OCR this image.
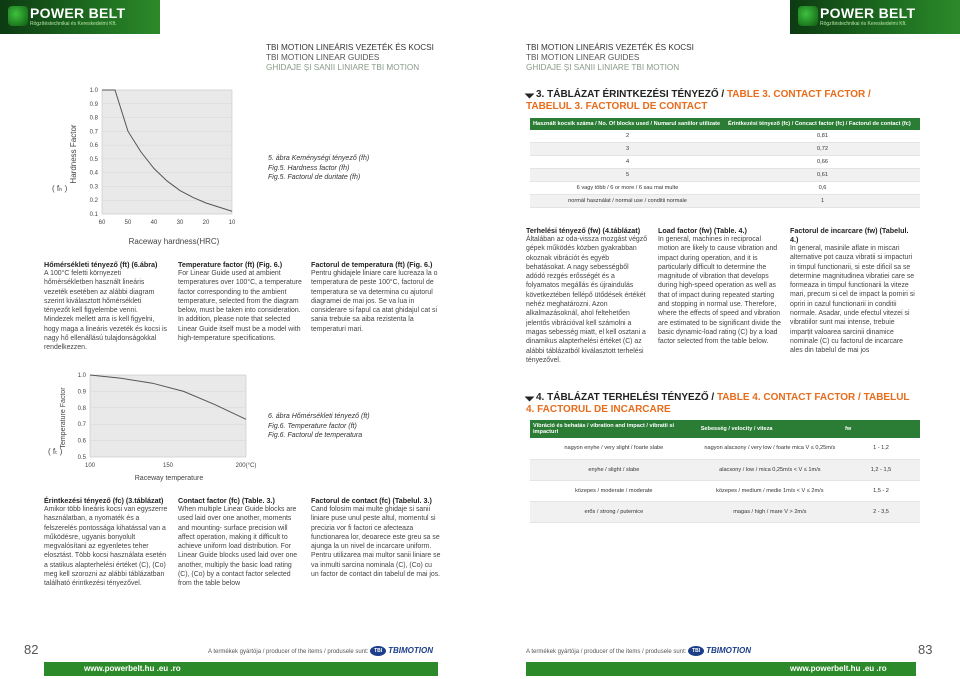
POWER BELT
Rögzítéstechnikai és Kereskedelmi Kft.
POWER BELT
Rögzítéstechnikai és Kereskedelmi Kft.
TBI MOTION LINEÁRIS VEZETÉK ÉS KOCSI
TBI MOTION LINEAR GUIDES
GHIDAJE ȘI SANII LINIARE TBI MOTION
TBI MOTION LINEÁRIS VEZETÉK ÉS KOCSI
TBI MOTION LINEAR GUIDES
GHIDAJE ȘI SANII LINIARE TBI MOTION
Hardness Factor
( fₕ )
Raceway hardness(HRC)
0.1
0.2
0.3
0.4
0.5
0.6
0.7
0.8
0.9
1.0
60	50	40	30	20	10
5. ábra Keménységi tényező (fh)
Fig.5. Hardness factor (fh)
Fig.5. Factorul de duritate (fh)
Hőmérsékleti tényező (ft) (6.ábra)
A 100°C feletti környezeti hőmérsékletben használt lineáris vezeték esetében az alábbi diagram szerint kiválasztott hőmérsékleti tényezőt kell figyelembe venni. Mindezek mellett arra is kell figyelni, hogy maga a lineáris vezeték és kocsi is nagy hő ellenállású tulajdonságokkal rendelkezzen.
Temperature factor (ft) (Fig. 6.)
For Linear Guide used at ambient temperatures over 100°C, a temperature factor corresponding to the ambient temperature, selected from the diagram below, must be taken into consideration. In addition, please note that selected Linear Guide itself must be a model with high-temperature specifications.
Factorul de temperatura (ft) (Fig. 6.)
Pentru ghidajele liniare care lucreaza la o temperatura de peste 100°C, factorul de temperatura se va determina cu ajutorul diagramei de mai jos. Se va lua in considerare si fapul ca atat ghidajul cat si sania trebuie sa aiba rezistenta la temperaturi mari.
Temperature Factor
( fₜ )
Raceway temperature
0.5
0.6
0.7
0.8
0.9
1.0
100	150	200(°C)
6. ábra Hőmérsékleti tényező (ft)
Fig.6. Temperature factor (ft)
Fig.6. Factorul de temperatura
Érintkezési tényező (fc) (3.táblázat)
Amikor több lineáris kocsi van egyszerre használatban, a nyomaték és a felszerelés pontossága kihatással van a működésre, ugyanis bonyolult megvalósítani az egyenletes teher elosztást. Több kocsi használata esetén a statikus alapterhelési értéket (C), (Co) meg kell szorozni az alábbi táblázatban található érintkezési tényezővel.
Contact factor (fc) (Table. 3.)
When multiple Linear Guide blocks are used laid over one another, moments and mounting- surface precision will affect operation, making it difficult to achieve uniform load distribution. For Linear Guide blocks used laid over one another, multiply the basic load rating (C), (Co) by a contact factor selected from the table below
Factorul de contact (fc) (Tabelul. 3.)
Cand folosim mai multe ghidaje si sanii liniare puse unul peste altul, momentul si precizia vor fi factori ce afecteaza functionarea lor, deoarece este greu sa se ajunga la un nivel de incarcare uniform. Pentru utilizarea mai multor sanii liniare se va inmulti sarcina nominala (C), (Co) cu un factor de contact din tabelul de mai jos.
3. TÁBLÁZAT ÉRINTKEZÉSI TÉNYEZŐ / TABLE 3. CONTACT FACTOR / TABELUL 3. FACTORUL DE CONTACT
Használt kocsik száma / No. Of blocks used / Numarul saniilor utilizate	Érintkezési tényező (fc) / Concact factor (fc) / Factorul de contact (fc)
2	0,81
3	0,72
4	0,66
5	0,61
6 vagy több / 6 or more / 6 sau mai multe	0,6
normál használat / normal use / conditii normale	1
Terhelési tényező (fw) (4.táblázat)
Általában az oda-vissza mozgást végző gépek működés közben gyakrabban okoznak vibrációt és egyéb behatásokat. A nagy sebességből adódó rezgés erősségét és a folyamatos megállás és újraindulás következtében fellépő ütődések értékét nehéz meghatározni. Azon alkalmazásoknál, ahol feltehetően jelentős vibrációval kell számolni a magas sebesség miatt, el kell osztani a dinamikus alapterhelési értéket (C) az alábbi táblázatból kiválasztott terhelési tényezővel.
Load factor (fw) (Table. 4.)
In general, machines in reciprocal motion are likely to cause vibration and impact during operation, and it is particularly difficult to determine the magnitude of vibration that develops during high-speed operation as well as that of impact during repeated starting and stopping in normal use. Therefore, where the effects of speed and vibration are estimated to be significant divide the basic dynamic-load rating (C) by a load factor selected from the table below.
Factorul de incarcare (fw) (Tabelul. 4.)
In general, masinile aflate in miscari alternative pot cauza vibratii si impacturi in timpul functionarii, si este dificil sa se determine magnitudinea vibratiei care se formeaza in timpul functionarii la viteze mari, precum si cel de impact la porniri si opriri in cazul functionarii in conditii normale. Asadar, unde efectul vitezei si vibratiilor sunt mai intense, trebuie imparțit valoarea sarcinii dinamice nominale (C) cu factorul de incarcare ales din tabelul de mai jos
4. TÁBLÁZAT TERHELÉSI TÉNYEZŐ / TABLE 4. CONTACT FACTOR / TABELUL 4. FACTORUL DE INCARCARE
Vibráció és behatás / vibration and impact / vibratii si impacturi	Sebesség / velocity / viteza	fw
nagyon enyhe / very slight / foarte slabe	nagyon alacsony / very low / foarte mica V ≤ 0,25m/s	1 - 1,2
enyhe / slight / slabe	alacsony / low / mica 0,25m/s < V ≤ 1m/s	1,2 - 1,5
közepes / moderate / moderate	közepes / medium / medie 1m/s < V ≤ 2m/s	1,5 - 2
erős / strong / puternice	magas / high / mare V > 2m/s	2 - 3,5
82	83
A termékek gyártója / producer of the items / produsele sunt: TBI TBIMOTION	A termékek gyártója / producer of the items / produsele sunt: TBI TBIMOTION
www.powerbelt.hu .eu .ro	www.powerbelt.hu .eu .ro
